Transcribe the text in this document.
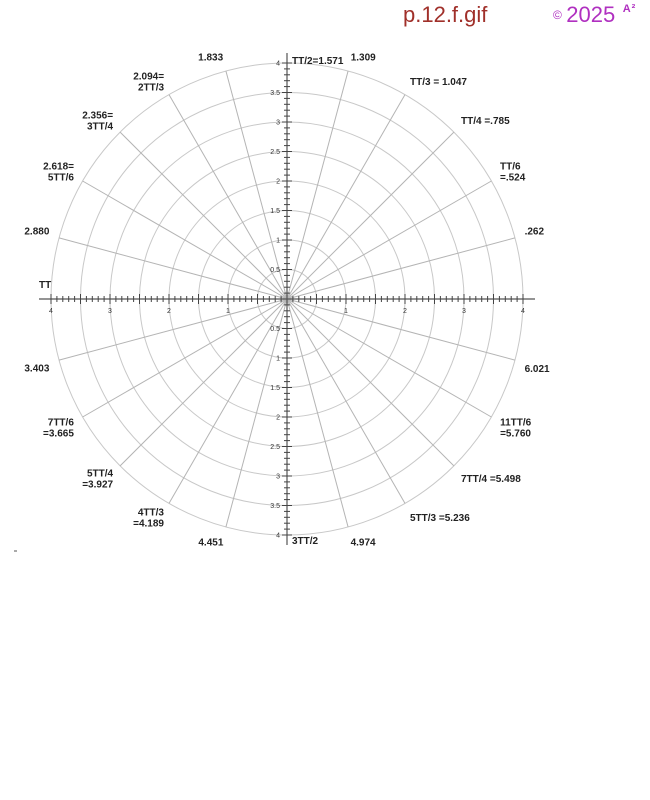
p.12.f.gif	© 2025 $^{A^2}$
1
1	2
2	3
3	4
4
0.5
0.5
1
1
1.5
1.5
2
2
2.5
2.5
3
3
3.5
3.5
4
4
ТТ/2=1.571 1.309
ТТ/3 = 1.047
ТТ/4 =.785
ТТ/6 =.524
.262
1.833
2.094= 2ТТ/3
2.356= 3ТТ/4
2.618= 5ТТ/6
2.880
ТТ
3.403
7ТТ/6 =3.665
5ТТ/4 =3.927
4ТТ/3 =4.189
4.451	3ТТ/2	4.974
5ТТ/3 =5.236
7ТТ/4 =5.498
11ТТ/6 =5.760
6.021
